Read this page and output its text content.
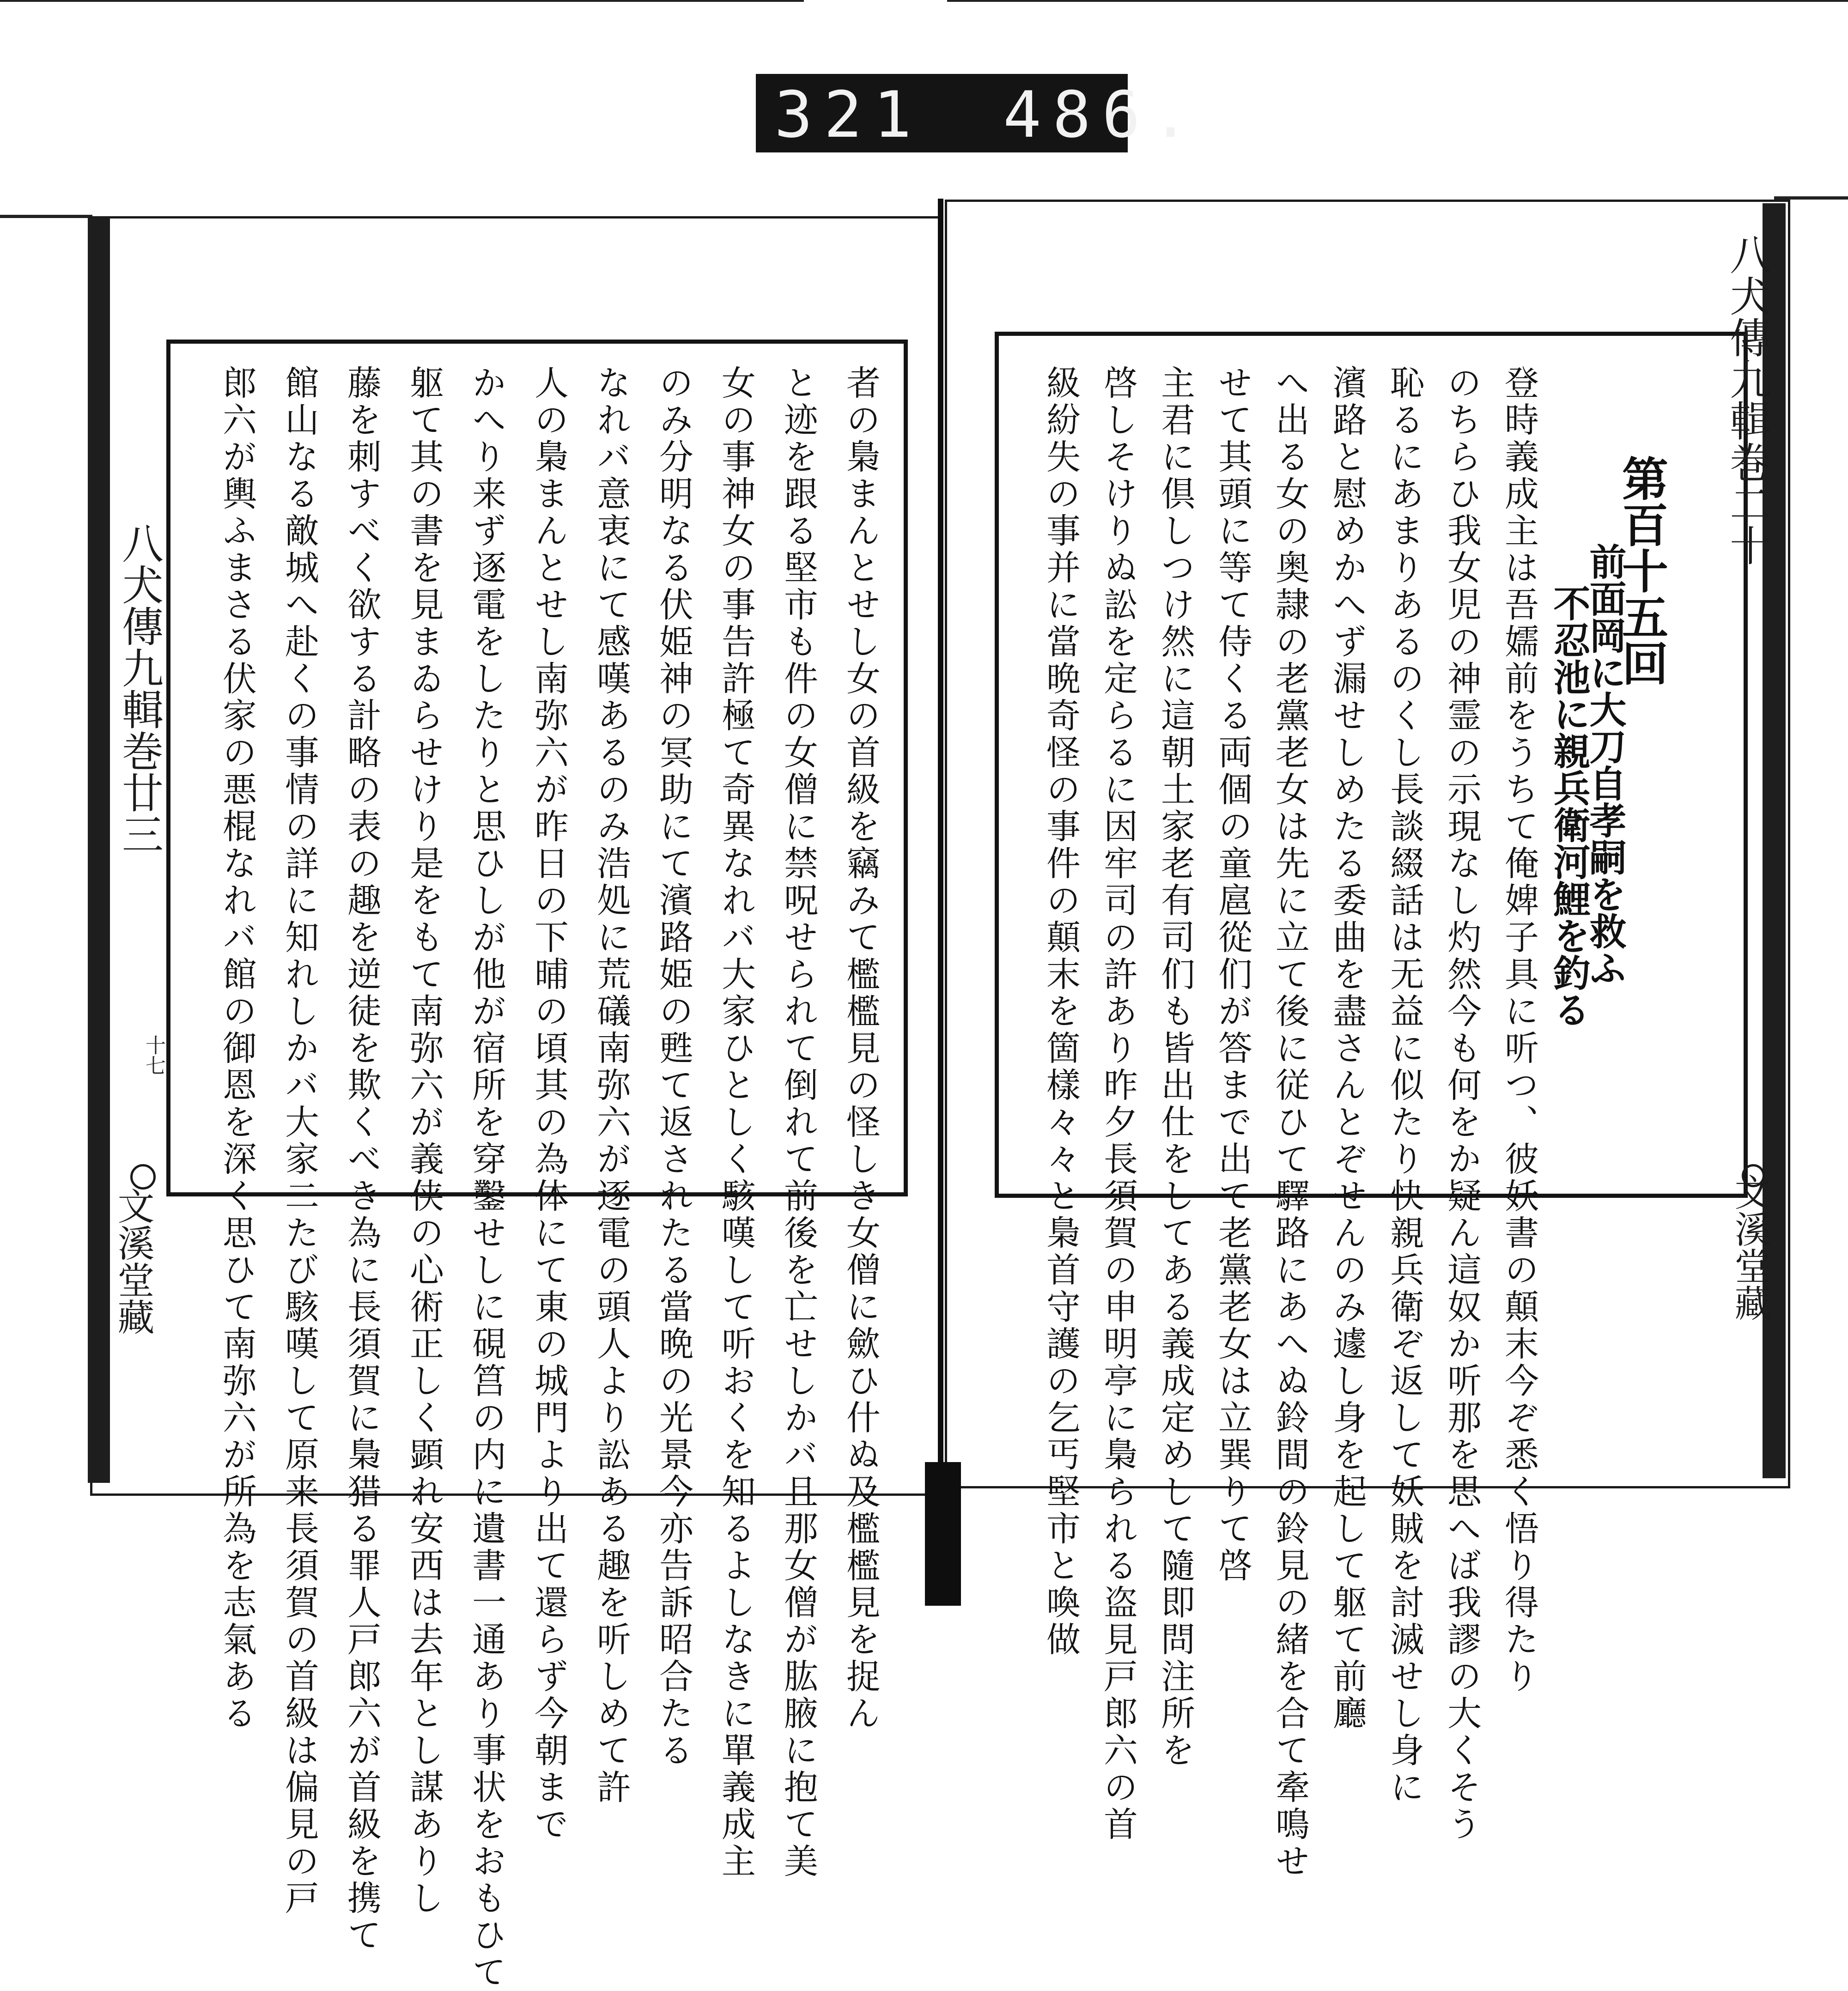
321 486.
八犬傳九輯巻廿三
十七
文溪堂藏	者の梟まんとせし女の首級を竊みて檻檻見の怪しき女僧に歛ひ什ぬ及檻檻見を捉ん
と迹を跟る堅市も件の女僧に禁呪せられて倒れて前後を亡せしかバ且那女僧が肱腋に抱て美
女の事神女の事告許極て奇異なれバ大家ひとしく駭嘆して听おくを知るよしなきに單義成主
のみ分明なる伏姫神の冥助にて濱路姫の甦て返されたる當晩の光景今亦告訴昭合たる
なれバ意衷にて感嘆あるのみ浩処に荒礒南弥六が逐電の頭人より訟ある趣を听しめて許
人の梟まんとせし南弥六が昨日の下晡の頃其の為体にて東の城門より出て還らず今朝まで
かへり来ず逐電をしたりと思ひしが他が宿所を穿鑿せしに硯筥の内に遺書一通あり事状をおもひて
躯て其の書を見まゐらせけり是をもて南弥六が義侠の心術正しく顕れ安西は去年とし謀ありし
藤を刺すべく欲する計略の表の趣を逆徒を欺くべき為に長須賀に梟猎る罪人戸郎六が首級を携て
館山なる敵城へ赴くの事情の詳に知れしかバ大家二たび駭嘆して原来長須賀の首級は偏見の戸
郎六が輿ふまさる伏家の悪棍なれバ館の御恩を深く思ひて南弥六が所為を志氣ある	八犬傳九輯巻二十
文溪堂藏
第百十五回
前面岡に大刀自孝嗣を救ふ
不忍池に親兵衛河鯉を釣る
登時義成主は吾嬬前をうちて俺婢子具に听つ、彼妖書の顛末今ぞ悉く悟り得たり
のちらひ我女児の神霊の示現なし灼然今も何をか疑ん這奴か听那を思へば我謬の大くそう
恥るにあまりあるのくし長談綴話は无益に似たり快親兵衛ぞ返して妖賊を討滅せし身に
濱路と慰めかへず漏せしめたる委曲を盡さんとぞせんのみ遽し身を起して躯て前廳
へ出る女の奥隷の老黨老女は先に立て後に従ひて驛路にあへぬ鈴間の鈴見の緒を合て牽鳴せ
せて其頭に等て侍くる両個の童扈從们が答まで出て老黨老女は立巽りて啓
主君に倶しつけ然に這朝土家老有司们も皆出仕をしてある義成定めして隨即問注所を
啓しそけりぬ訟を定らるに因牢司の許あり昨夕長須賀の申明亭に梟られる盗見戸郎六の首
級紛失の事并に當晩奇怪の事件の顛末を箇樣々々と梟首守護の乞丐堅市と喚做
